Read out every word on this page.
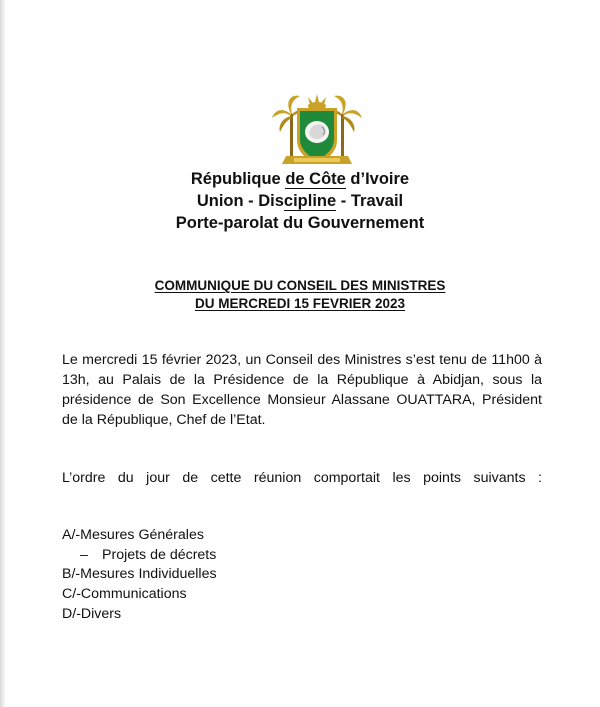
République de Côte d’Ivoire
Union - Discipline - Travail
Porte-parolat du Gouvernement
COMMUNIQUE DU CONSEIL DES MINISTRES
DU MERCREDI 15 FEVRIER 2023
Le mercredi 15 février 2023, un Conseil des Ministres s’est tenu de 11h00 à 13h, au Palais de la Présidence de la République à Abidjan, sous la présidence de Son Excellence Monsieur Alassane OUATTARA, Président de la République, Chef de l’Etat.
L’ordre du jour de cette réunion comportait les points suivants :
A/-Mesures Générales
– Projets de décrets
B/-Mesures Individuelles
C/-Communications
D/-Divers
